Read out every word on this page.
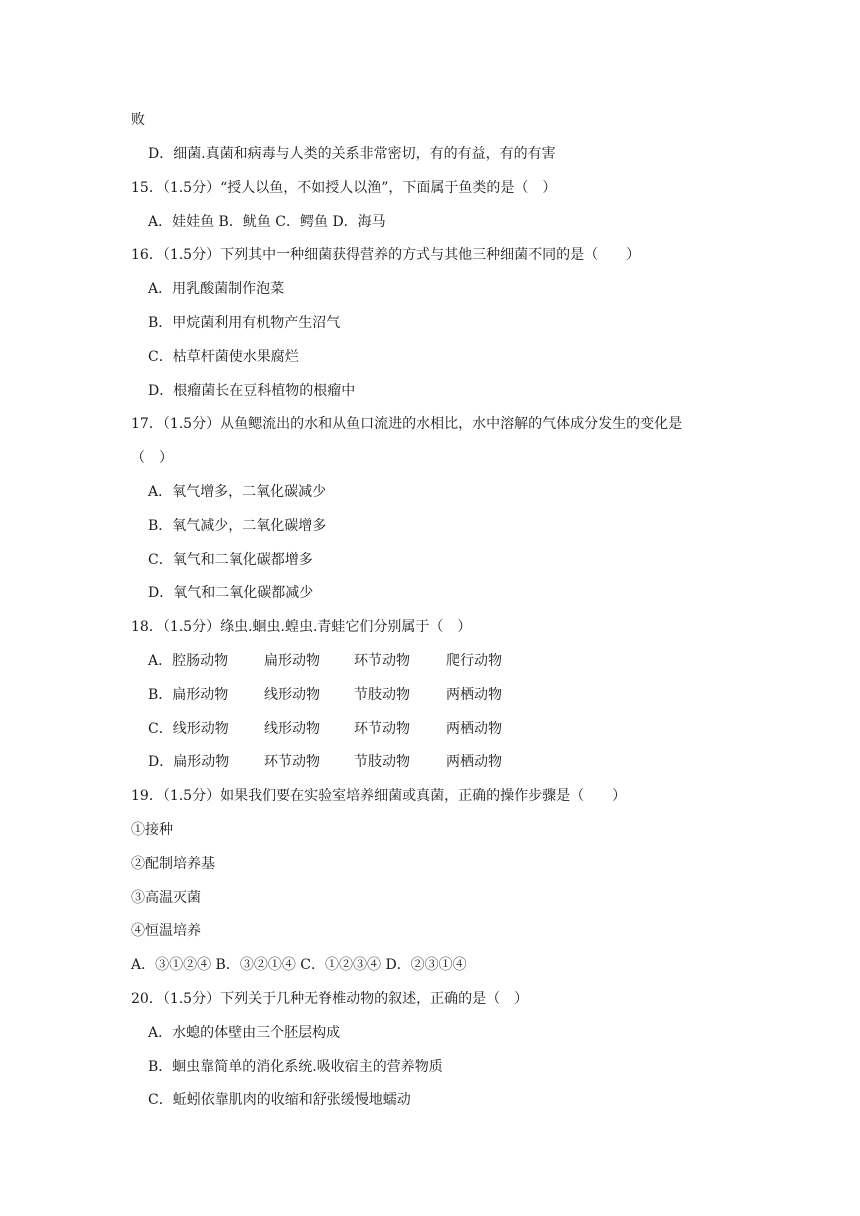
败
D．细菌.真菌和病毒与人类的关系非常密切，有的有益，有的有害
15．（1.5分）“授人以鱼，不如授人以渔”，下面属于鱼类的是（　）
A．娃娃鱼 B．鱿鱼 C．鳄鱼 D．海马
16．（1.5分）下列其中一种细菌获得营养的方式与其他三种细菌不同的是（　　）
A．用乳酸菌制作泡菜
B．甲烷菌利用有机物产生沼气
C．枯草杆菌使水果腐烂
D．根瘤菌长在豆科植物的根瘤中
17．（1.5分）从鱼鳃流出的水和从鱼口流进的水相比，水中溶解的气体成分发生的变化是
（　）
A．氧气增多，二氧化碳减少
B．氧气减少，二氧化碳增多
C．氧气和二氧化碳都增多
D．氧气和二氧化碳都减少
18．（1.5分）绦虫.蛔虫.蝗虫.青蛙它们分别属于（　）
A．腔肠动物	扁形动物 环节动物	爬行动物
B．扁形动物	线形动物 节肢动物	两栖动物
C．线形动物	线形动物 环节动物	两栖动物
D．扁形动物 环节动物 节肢动物	两栖动物
19．（1.5分）如果我们要在实验室培养细菌或真菌，正确的操作步骤是（　　）
①接种
②配制培养基
③高温灭菌
④恒温培养
A．③①②④ B．③②①④ C．①②③④ D．②③①④
20．（1.5分）下列关于几种无脊椎动物的叙述，正确的是（　）
A．水螅的体壁由三个胚层构成
B．蛔虫靠简单的消化系统.吸收宿主的营养物质
C．蚯蚓依靠肌肉的收缩和舒张缓慢地蠕动
